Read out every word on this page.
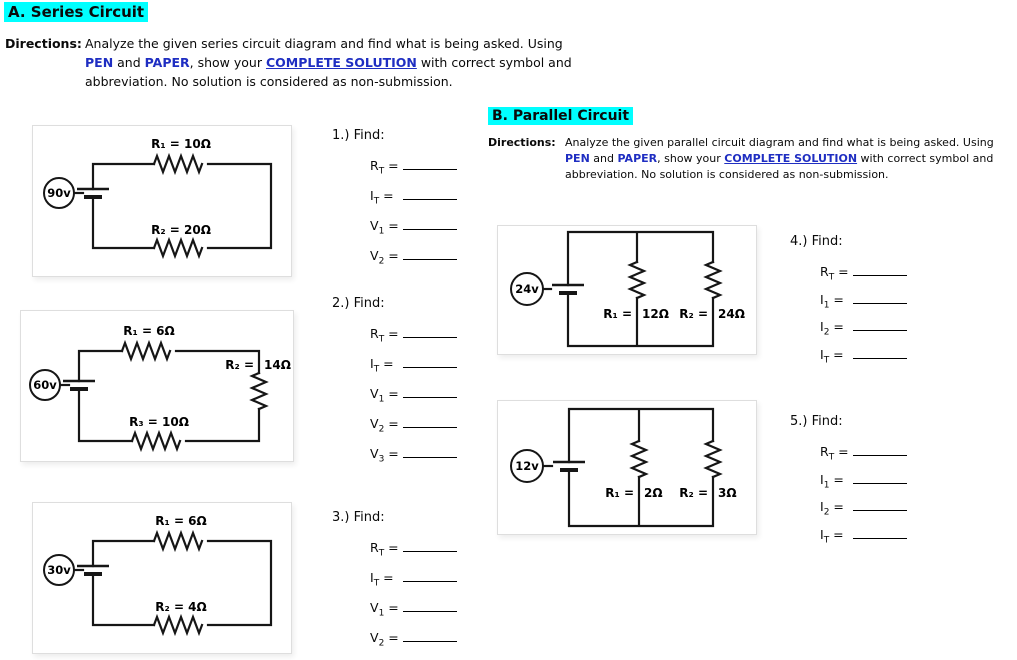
A. Series Circuit
Directions: Analyze the given series circuit diagram and find what is being asked. Using
PEN and PAPER, show your COMPLETE SOLUTION with correct symbol and
abbreviation. No solution is considered as non-submission.
90v
R₁ = 10Ω
R₂ = 20Ω
60v
R₁ = 6Ω
R₂ = 14Ω
R₃ = 10Ω
30v
R₁ = 6Ω
R₂ = 4Ω
1.) Find:
$R_T$ =
$I_T$ =
$V_1$ =
$V_2$ =
2.) Find:
$R_T$ =
$I_T$ =
$V_1$ =
$V_2$ =
$V_3$ =
3.) Find:
$R_T$ =
$I_T$ =
$V_1$ =
$V_2$ =
B. Parallel Circuit
Directions: Analyze the given parallel circuit diagram and find what is being asked. Using
PEN and PAPER, show your COMPLETE SOLUTION with correct symbol and
abbreviation. No solution is considered as non-submission.
24v
R₁ = 12Ω R₂ = 24Ω
12v
R₁ = 2Ω R₂ = 3Ω
4.) Find:
$R_T$ =
$I_1$ =
$I_2$ =
$I_T$ =
5.) Find:
$R_T$ =
$I_1$ =
$I_2$ =
$I_T$ =
